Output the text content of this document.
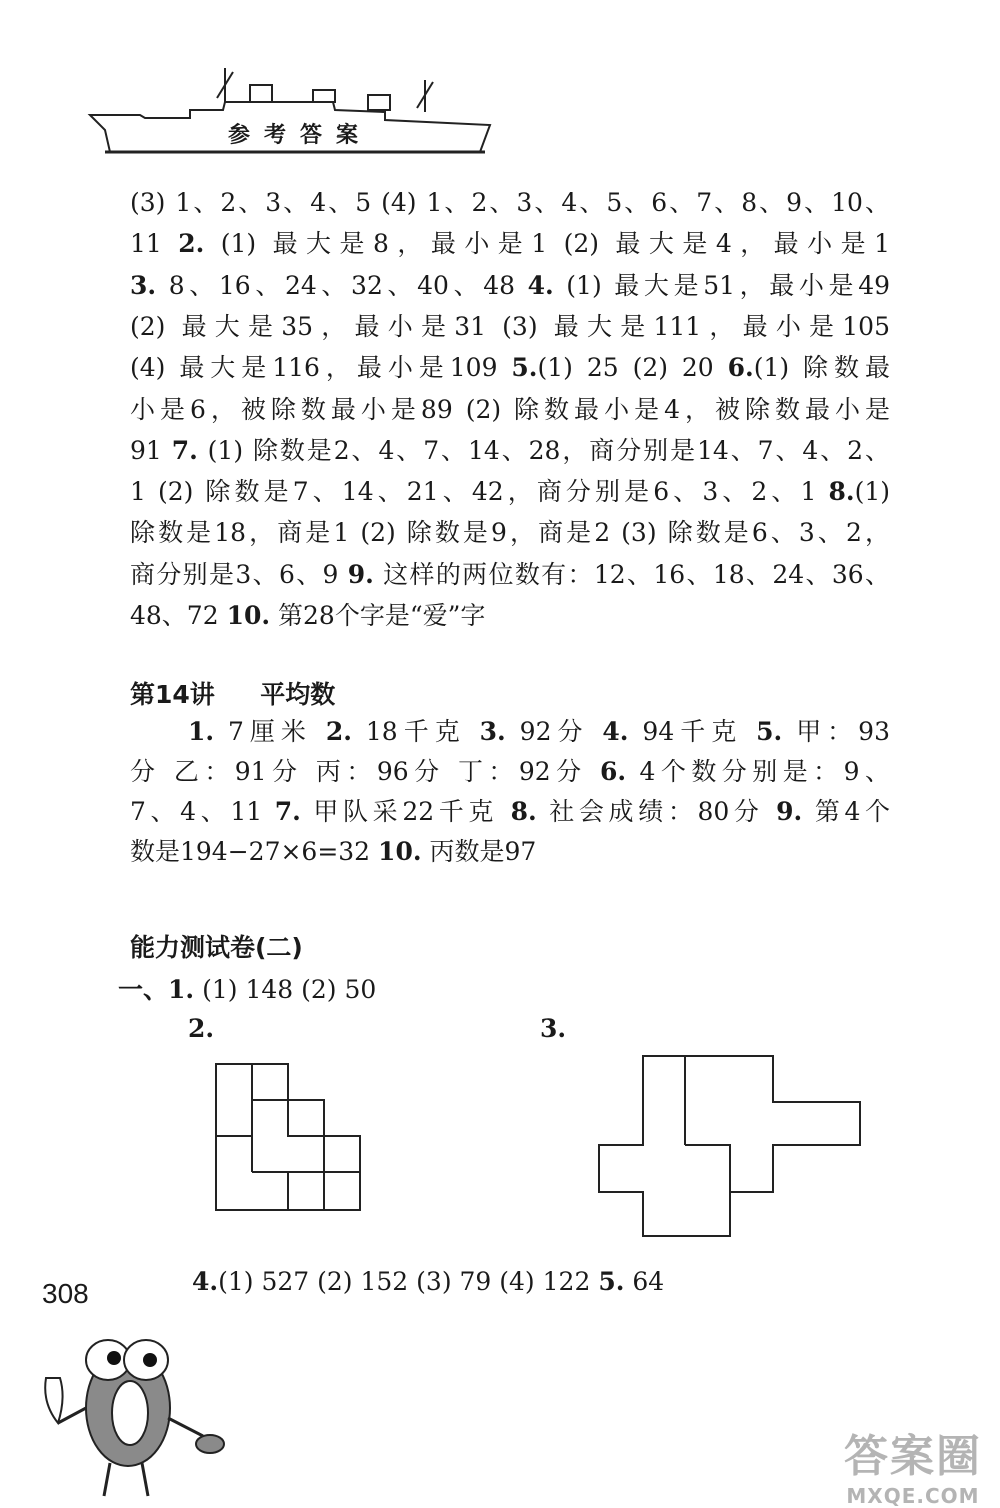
参考答案
(3) 1、2、3、4、5 (4) 1、2、3、4、5、6、7、8、9、10、
11 2. (1) 最大是8，最小是1 (2) 最大是4，最小是1
3. 8、16、24、32、40、48 4. (1) 最大是51，最小是49
(2) 最大是35，最小是31 (3) 最大是111，最小是105
(4) 最大是116，最小是109 5.(1) 25 (2) 20 6.(1) 除数最
小是6，被除数最小是89 (2) 除数最小是4，被除数最小是
91 7. (1) 除数是2、4、7、14、28，商分别是14、7、4、2、
1 (2) 除数是7、14、21、42，商分别是6、3、2、1 8.(1)
除数是18，商是1 (2) 除数是9，商是2 (3) 除数是6、3、2，
商分别是3、6、9 9. 这样的两位数有：12、16、18、24、36、
48、72 10. 第28个字是“爱”字
第14讲 平均数
1. 7厘米 2. 18千克 3. 92分 4. 94千克 5. 甲：93
分 乙：91分 丙：96分 丁：92分 6. 4个数分别是：9、
7、4、11 7. 甲队采22千克 8. 社会成绩：80分 9. 第4个
数是194−27×6=32 10. 丙数是97
能力测试卷(二)
一、1. (1) 148 (2) 50
2.	3.
4.(1) 527 (2) 152 (3) 79 (4) 122 5. 64
308
答案圈
MXQE.COM
